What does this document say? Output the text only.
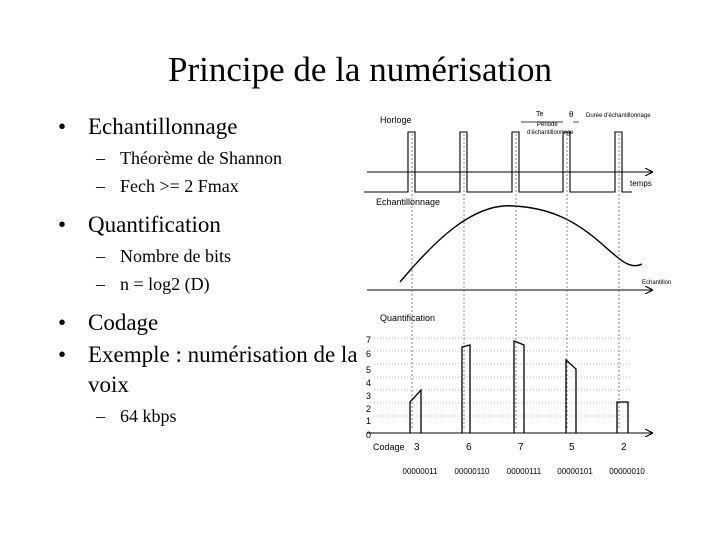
Principe de la numérisation
• Echantillonnage
– Théorème de Shannon
– Fech >= 2 Fmax
• Quantification
– Nombre de bits
– n = log2 (D)
• Codage
• Exemple : numérisation de la voix
– 64 kbps
Horloge
Te
Période
d'échantillonnage
θ Durée d'échantillonnage
temps
Echantillonnage
Echantillon
Quantification
0
1
2
3
4
5
6
7
Codage 3	6	7	5	2
00000011 00000110 00000111 00000101 00000010
